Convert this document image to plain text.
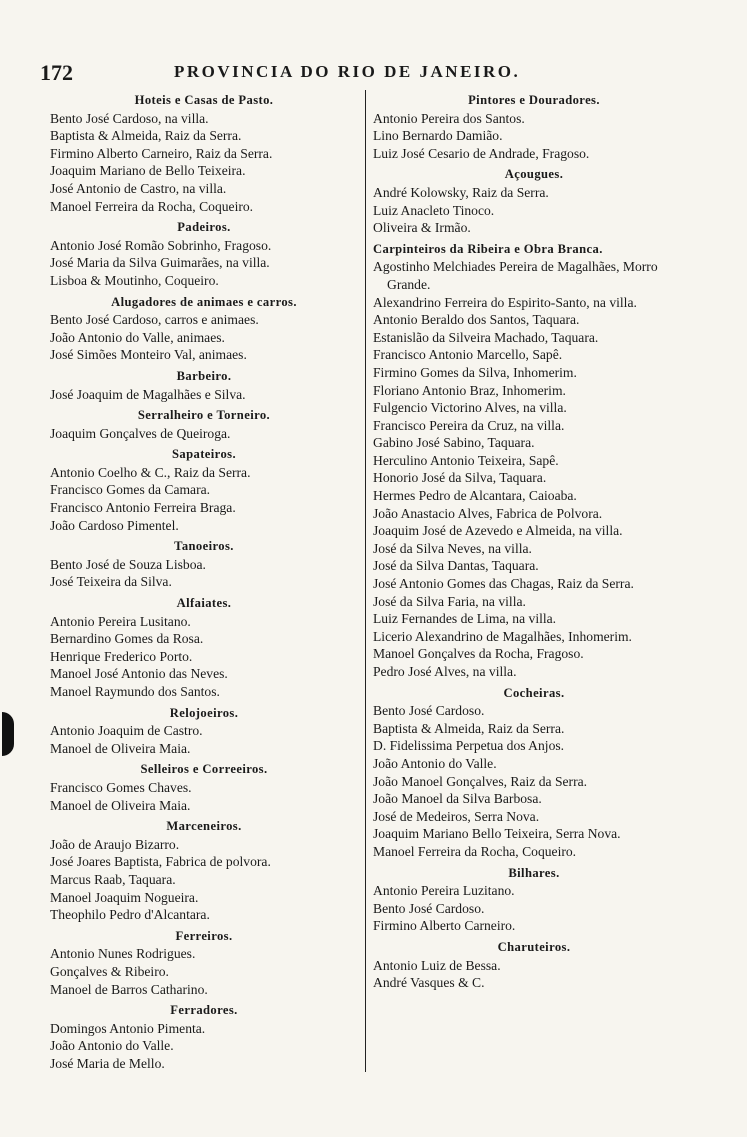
172	PROVINCIA DO RIO DE JANEIRO.
Hoteis e Casas de Pasto.
Bento José Cardoso, na villa.
Baptista & Almeida, Raiz da Serra.
Firmino Alberto Carneiro, Raiz da Serra.
Joaquim Mariano de Bello Teixeira.
José Antonio de Castro, na villa.
Manoel Ferreira da Rocha, Coqueiro.
Padeiros.
Antonio José Romão Sobrinho, Fragoso.
José Maria da Silva Guimarães, na villa.
Lisboa & Moutinho, Coqueiro.
Alugadores de animaes e carros.
Bento José Cardoso, carros e animaes.
João Antonio do Valle, animaes.
José Simões Monteiro Val, animaes.
Barbeiro.
José Joaquim de Magalhães e Silva.
Serralheiro e Torneiro.
Joaquim Gonçalves de Queiroga.
Sapateiros.
Antonio Coelho & C., Raiz da Serra.
Francisco Gomes da Camara.
Francisco Antonio Ferreira Braga.
João Cardoso Pimentel.
Tanoeiros.
Bento José de Souza Lisboa.
José Teixeira da Silva.
Alfaiates.
Antonio Pereira Lusitano.
Bernardino Gomes da Rosa.
Henrique Frederico Porto.
Manoel José Antonio das Neves.
Manoel Raymundo dos Santos.
Relojoeiros.
Antonio Joaquim de Castro.
Manoel de Oliveira Maia.
Selleiros e Correeiros.
Francisco Gomes Chaves.
Manoel de Oliveira Maia.
Marceneiros.
João de Araujo Bizarro.
José Joares Baptista, Fabrica de polvora.
Marcus Raab, Taquara.
Manoel Joaquim Nogueira.
Theophilo Pedro d'Alcantara.
Ferreiros.
Antonio Nunes Rodrigues.
Gonçalves & Ribeiro.
Manoel de Barros Catharino.
Ferradores.
Domingos Antonio Pimenta.
João Antonio do Valle.
José Maria de Mello.
Pintores e Douradores.
Antonio Pereira dos Santos.
Lino Bernardo Damião.
Luiz José Cesario de Andrade, Fragoso.
Açougues.
André Kolowsky, Raiz da Serra.
Luiz Anacleto Tinoco.
Oliveira & Irmão.
Carpinteiros da Ribeira e Obra Branca.
Agostinho Melchiades Pereira de Magalhães, Morro Grande.
Alexandrino Ferreira do Espirito-Santo, na villa.
Antonio Beraldo dos Santos, Taquara.
Estanislão da Silveira Machado, Taquara.
Francisco Antonio Marcello, Sapê.
Firmino Gomes da Silva, Inhomerim.
Floriano Antonio Braz, Inhomerim.
Fulgencio Victorino Alves, na villa.
Francisco Pereira da Cruz, na villa.
Gabino José Sabino, Taquara.
Herculino Antonio Teixeira, Sapê.
Honorio José da Silva, Taquara.
Hermes Pedro de Alcantara, Caioaba.
João Anastacio Alves, Fabrica de Polvora.
Joaquim José de Azevedo e Almeida, na villa.
José da Silva Neves, na villa.
José da Silva Dantas, Taquara.
José Antonio Gomes das Chagas, Raiz da Serra.
José da Silva Faria, na villa.
Luiz Fernandes de Lima, na villa.
Licerio Alexandrino de Magalhães, Inhomerim.
Manoel Gonçalves da Rocha, Fragoso.
Pedro José Alves, na villa.
Cocheiras.
Bento José Cardoso.
Baptista & Almeida, Raiz da Serra.
D. Fidelissima Perpetua dos Anjos.
João Antonio do Valle.
João Manoel Gonçalves, Raiz da Serra.
João Manoel da Silva Barbosa.
José de Medeiros, Serra Nova.
Joaquim Mariano Bello Teixeira, Serra Nova.
Manoel Ferreira da Rocha, Coqueiro.
Bilhares.
Antonio Pereira Luzitano.
Bento José Cardoso.
Firmino Alberto Carneiro.
Charuteiros.
Antonio Luiz de Bessa.
André Vasques & C.
